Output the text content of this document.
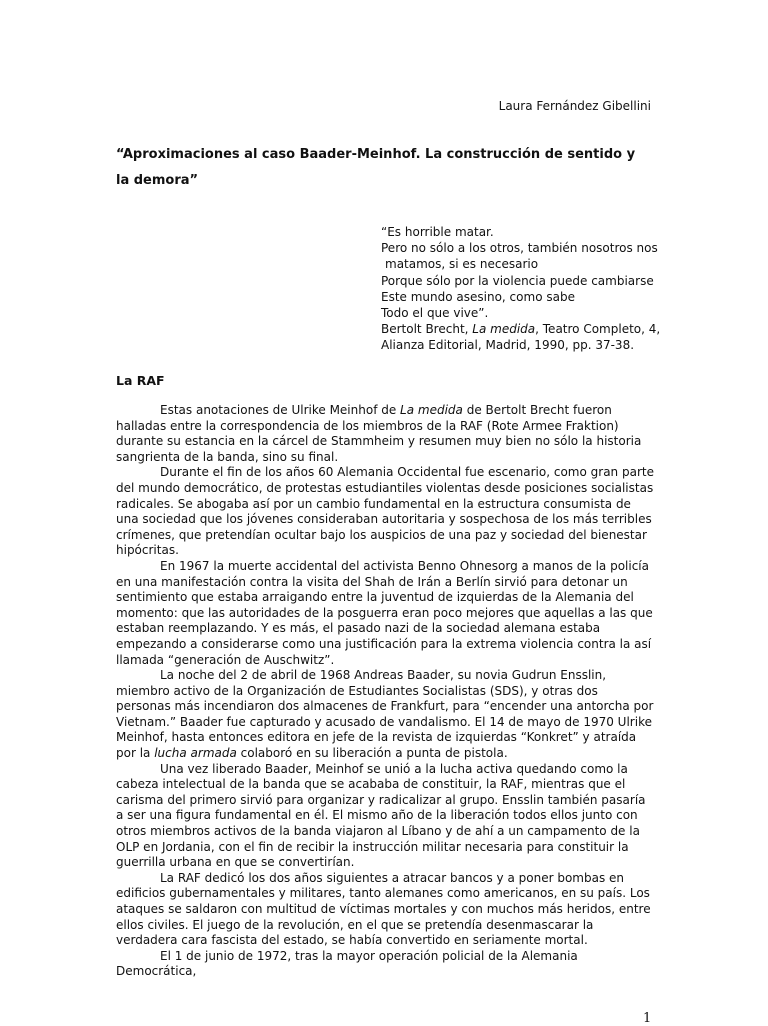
Laura Fernández Gibellini
“Aproximaciones al caso Baader-Meinhof. La construcción de sentido y la demora”
“Es horrible matar.
Pero no sólo a los otros, también nosotros nos
matamos, si es necesario
Porque sólo por la violencia puede cambiarse
Este mundo asesino, como sabe
Todo el que vive”.
Bertolt Brecht, La medida, Teatro Completo, 4,
Alianza Editorial, Madrid, 1990, pp. 37-38.
La RAF

Estas anotaciones de Ulrike Meinhof de La medida de Bertolt Brecht fueron halladas entre la correspondencia de los miembros de la RAF (Rote Armee Fraktion) durante su estancia en la cárcel de Stammheim y resumen muy bien no sólo la historia sangrienta de la banda, sino su final.

Durante el fin de los años 60 Alemania Occidental fue escenario, como gran parte del mundo democrático, de protestas estudiantiles violentas desde posiciones socialistas radicales. Se abogaba así por un cambio fundamental en la estructura consumista de una sociedad que los jóvenes consideraban autoritaria y sospechosa de los más terribles crímenes, que pretendían ocultar bajo los auspicios de una paz y sociedad del bienestar hipócritas.

En 1967 la muerte accidental del activista Benno Ohnesorg a manos de la policía en una manifestación contra la visita del Shah de Irán a Berlín sirvió para detonar un sentimiento que estaba arraigando entre la juventud de izquierdas de la Alemania del momento: que las autoridades de la posguerra eran poco mejores que aquellas a las que estaban reemplazando. Y es más, el pasado nazi de la sociedad alemana estaba empezando a considerarse como una justificación para la extrema violencia contra la así llamada “generación de Auschwitz”.

La noche del 2 de abril de 1968 Andreas Baader, su novia Gudrun Ensslin, miembro activo de la Organización de Estudiantes Socialistas (SDS), y otras dos personas más incendiaron dos almacenes de Frankfurt, para “encender una antorcha por Vietnam.” Baader fue capturado y acusado de vandalismo. El 14 de mayo de 1970 Ulrike Meinhof, hasta entonces editora en jefe de la revista de izquierdas “Konkret” y atraída por la lucha armada colaboró en su liberación a punta de pistola.

Una vez liberado Baader, Meinhof se unió a la lucha activa quedando como la cabeza intelectual de la banda que se acababa de constituir, la RAF, mientras que el carisma del primero sirvió para organizar y radicalizar al grupo. Ensslin también pasaría a ser una figura fundamental en él. El mismo año de la liberación todos ellos junto con otros miembros activos de la banda viajaron al Líbano y de ahí a un campamento de la OLP en Jordania, con el fin de recibir la instrucción militar necesaria para constituir la guerrilla urbana en que se convertirían.

La RAF dedicó los dos años siguientes a atracar bancos y a poner bombas en edificios gubernamentales y militares, tanto alemanes como americanos, en su país. Los ataques se saldaron con multitud de víctimas mortales y con muchos más heridos, entre ellos civiles. El juego de la revolución, en el que se pretendía desenmascarar la verdadera cara fascista del estado, se había convertido en seriamente mortal.

El 1 de junio de 1972, tras la mayor operación policial de la Alemania Democrática,

1
